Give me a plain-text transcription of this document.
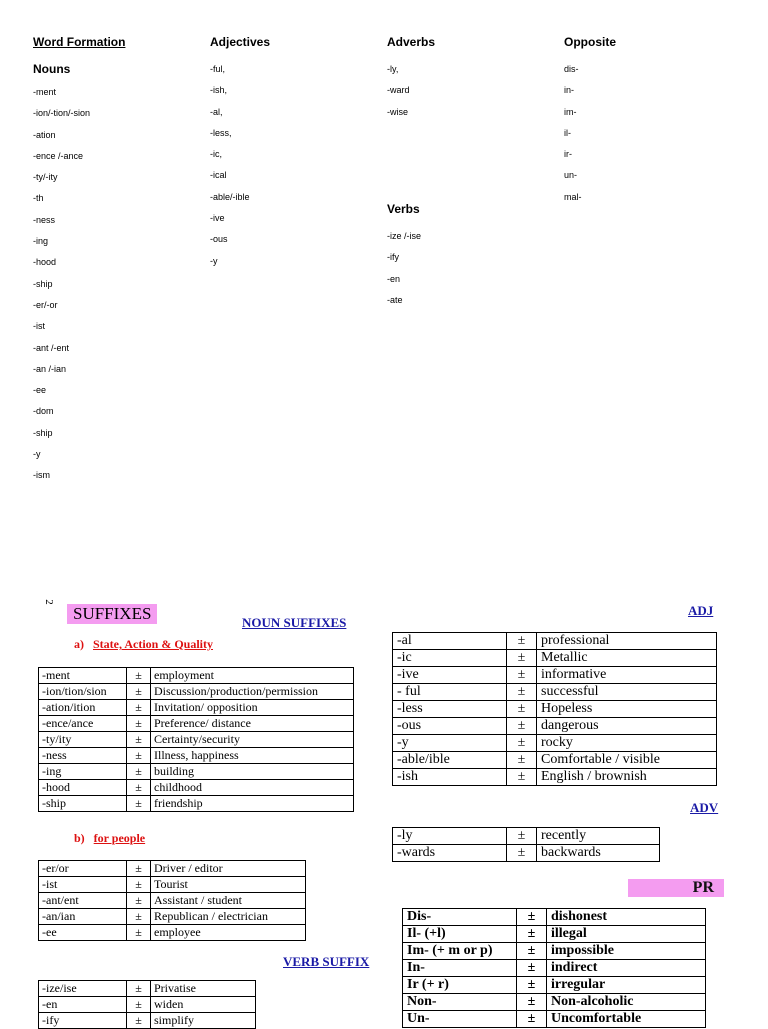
Word Formation
Nouns
-ment
-ion/-tion/-sion
-ation
-ence /-ance
-ty/-ity
-th
-ness
-ing
-hood
-ship
-er/-or
-ist
-ant /-ent
-an /-ian
-ee
-dom
-ship
-y
-ism
Adjectives
-ful,
-ish,
-al,
-less,
-ic,
-ical
-able/-ible
-ive
-ous
-y
Adverbs
-ly,
-ward
-wise
Verbs
-ize /-ise
-ify
-en
-ate
Opposite
dis-
in-
im-
il-
ir-
un-
mal-
2
SUFFIXES	NOUN SUFFIXES
a) State, Action & Quality
-ment	±	employment
-ion/tion/sion	±	Discussion/production/permission
-ation/ition	±	Invitation/ opposition
-ence/ance	±	Preference/ distance
-ty/ity	±	Certainty/security
-ness	±	Illness, happiness
-ing	±	building
-hood	±	childhood
-ship	±	friendship
b) for people
-er/or	±	Driver / editor
-ist	±	Tourist
-ant/ent	±	Assistant / student
-an/ian	±	Republican / electrician
-ee	±	employee
VERB SUFFIX
-ize/ise	±	Privatise
-en	±	widen
-ify	±	simplify
ADJ
-al	±	professional
-ic	±	Metallic
-ive	±	informative
- ful	±	successful
-less	±	Hopeless
-ous	±	dangerous
-y	±	rocky
-able/ible	±	Comfortable / visible
-ish	±	English / brownish
ADV
-ly	±	recently
-wards	±	backwards
PR
Dis-	±	dishonest
Il- (+l)	±	illegal
Im- (+ m or p)	±	impossible
In-	±	indirect
Ir (+ r)	±	irregular
Non-	±	Non-alcoholic
Un-	±	Uncomfortable
